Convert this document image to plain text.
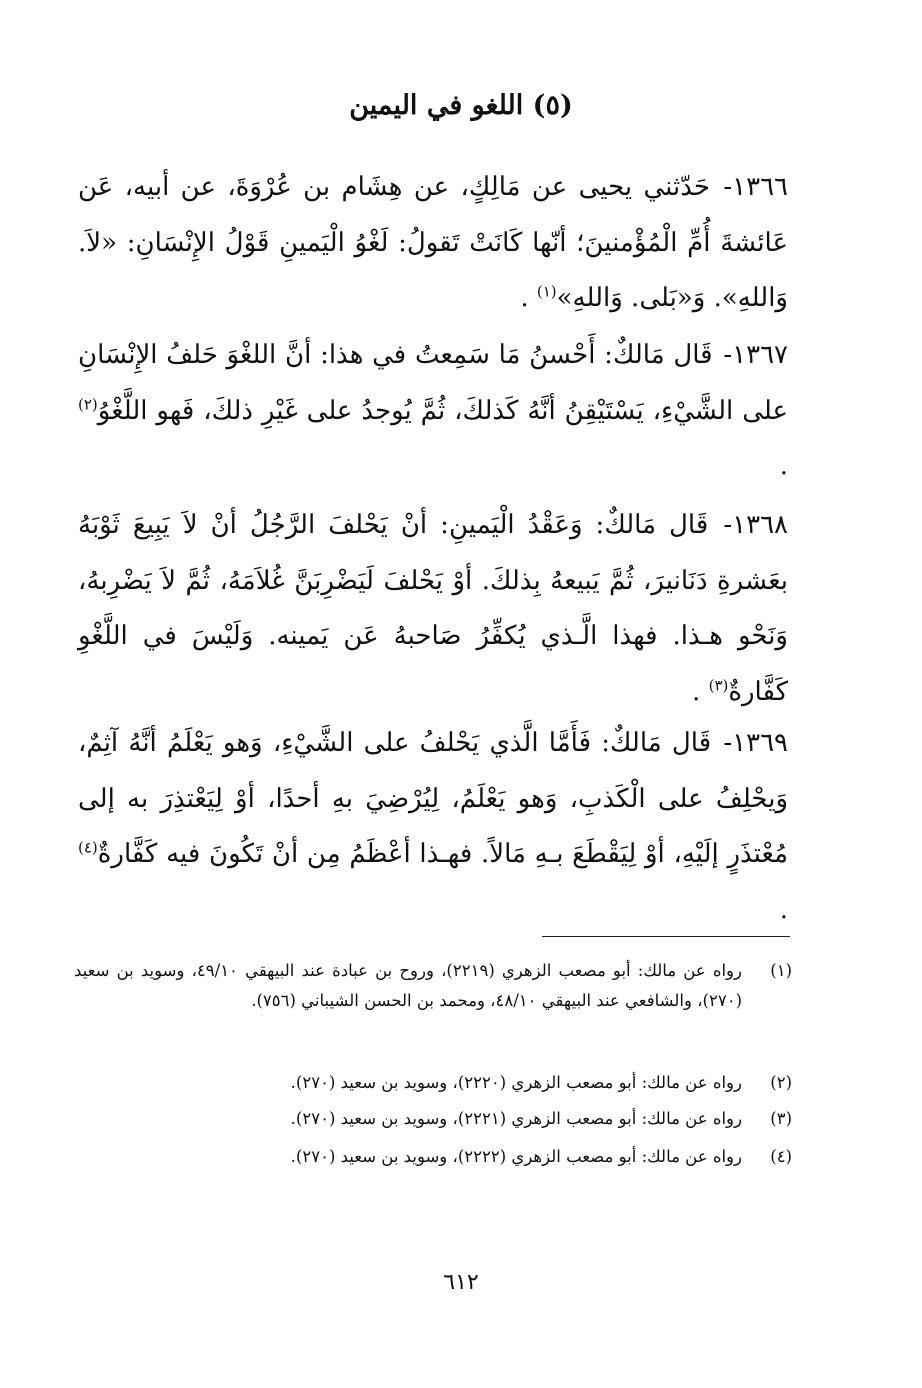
(٥) اللغو في اليمين
١٣٦٦- حَدّثني يحيى عن مَالِكٍ، عن هِشَام بن عُرْوَةَ، عن أبيه، عَن عَائشةَ أُمِّ الْمُؤْمنينَ؛ أنّها كَانَتْ تَقولُ: لَغْوُ الْيَمينِ قَوْلُ الإِنْسَانِ: «لاَ. وَاللهِ». وَ«بَلى. وَاللهِ»$^{(١)}$ .
١٣٦٧- قَال مَالكٌ: أَحْسنُ مَا سَمِعتُ في هذا: أنَّ اللغْوَ حَلفُ الإِنْسَانِ على الشَّيْءِ، يَسْتَيْقِنُ أنَّهُ كَذلكَ، ثُمَّ يُوجدُ على غَيْرِ ذلكَ، فَهو اللَّغْوُ$^{(٢)}$ .
١٣٦٨- قَال مَالكٌ: وَعَقْدُ الْيَمينِ: أنْ يَحْلفَ الرَّجُلُ أنْ لاَ يَبِيعَ ثَوْبَهُ بعَشرةِ دَنَانيرَ، ثُمَّ يَبيعهُ بِذلكَ. أوْ يَحْلفَ لَيَضْرِبَنَّ غُلاَمَهُ، ثُمَّ لاَ يَضْرِبهُ، وَنَحْو هـذا. فهذا الَّـذي يُكفِّرُ صَاحبهُ عَن يَمينه. وَلَيْسَ في اللَّغْوِ كَفَّارةٌ$^{(٣)}$ .
١٣٦٩- قَال مَالكٌ: فَأَمَّا الَّذي يَحْلفُ على الشَّيْءِ، وَهو يَعْلَمُ أنَّهُ آثِمٌ، وَيحْلِفُ على الْكَذبِ، وَهو يَعْلَمُ، لِيُرْضِيَ بهِ أحدًا، أوْ لِيَعْتذِرَ به إلى مُعْتذَرٍ إلَيْهِ، أوْ لِيَقْطَعَ بـهِ مَالاً. فهـذا أعْظَمُ مِن أنْ تَكُونَ فيه كَفَّارةٌ$^{(٤)}$ .
(١)
رواه عن مالك: أبو مصعب الزهري (٢٢١٩)، وروح بن عبادة عند البيهقي ٤٩/١٠، وسويد بن سعيد (٢٧٠)، والشافعي عند البيهقي ٤٨/١٠، ومحمد بن الحسن الشيباني (٧٥٦).
(٢)
رواه عن مالك: أبو مصعب الزهري (٢٢٢٠)، وسويد بن سعيد (٢٧٠).
(٣)
رواه عن مالك: أبو مصعب الزهري (٢٢٢١)، وسويد بن سعيد (٢٧٠).
(٤)
رواه عن مالك: أبو مصعب الزهري (٢٢٢٢)، وسويد بن سعيد (٢٧٠).
٦١٢
